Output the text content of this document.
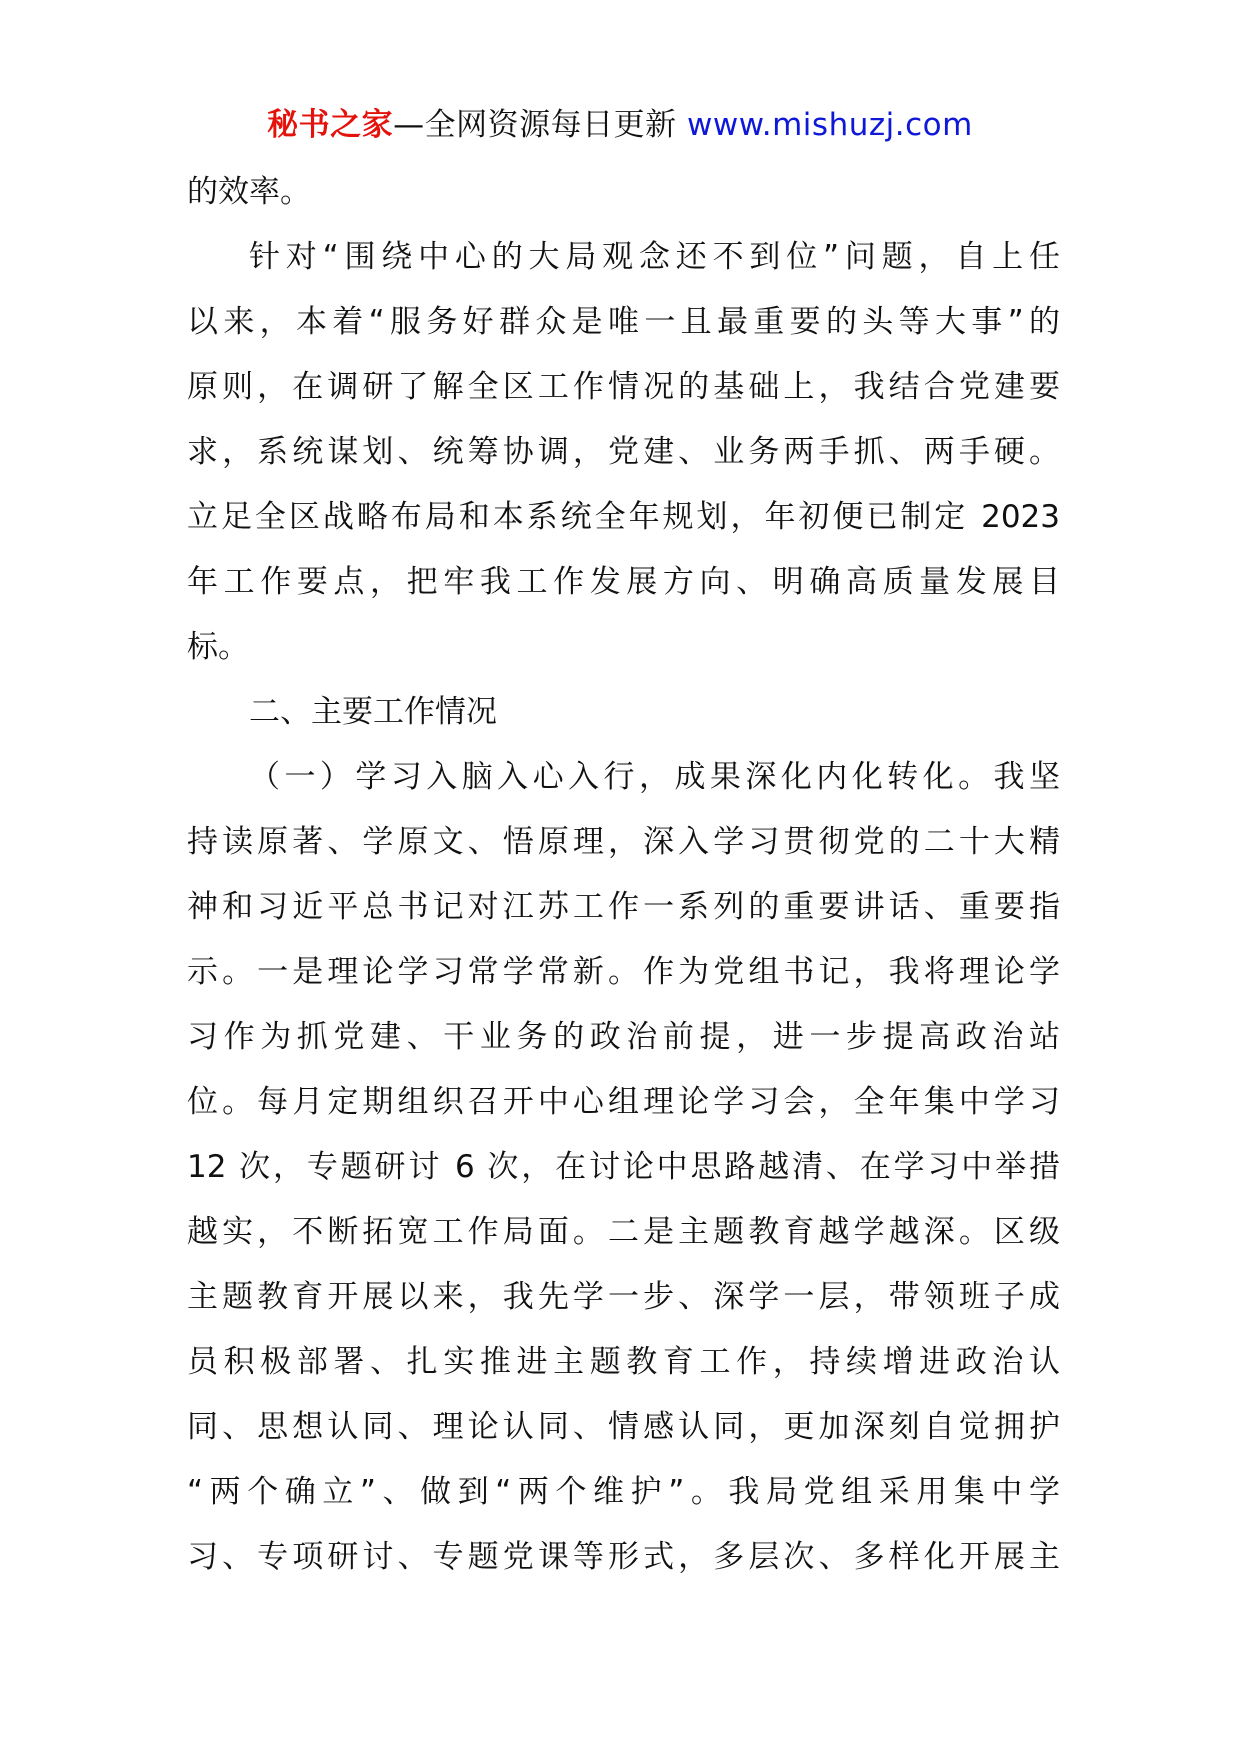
秘书之家—全网资源每日更新 www.mishuzj.com
的效率。
针对“围绕中心的大局观念还不到位”问题，自上任
以来，本着“服务好群众是唯一且最重要的头等大事”的
原则，在调研了解全区工作情况的基础上，我结合党建要
求，系统谋划、统筹协调，党建、业务两手抓、两手硬。
立足全区战略布局和本系统全年规划，年初便已制定 2023
年工作要点，把牢我工作发展方向、明确高质量发展目
标。
二、主要工作情况
（一）学习入脑入心入行，成果深化内化转化。我坚
持读原著、学原文、悟原理，深入学习贯彻党的二十大精
神和习近平总书记对江苏工作一系列的重要讲话、重要指
示。一是理论学习常学常新。作为党组书记，我将理论学
习作为抓党建、干业务的政治前提，进一步提高政治站
位。每月定期组织召开中心组理论学习会，全年集中学习
12 次，专题研讨 6 次，在讨论中思路越清、在学习中举措
越实，不断拓宽工作局面。二是主题教育越学越深。区级
主题教育开展以来，我先学一步、深学一层，带领班子成
员积极部署、扎实推进主题教育工作，持续增进政治认
同、思想认同、理论认同、情感认同，更加深刻自觉拥护
“两个确立”、做到“两个维护”。我局党组采用集中学
习、专项研讨、专题党课等形式，多层次、多样化开展主
